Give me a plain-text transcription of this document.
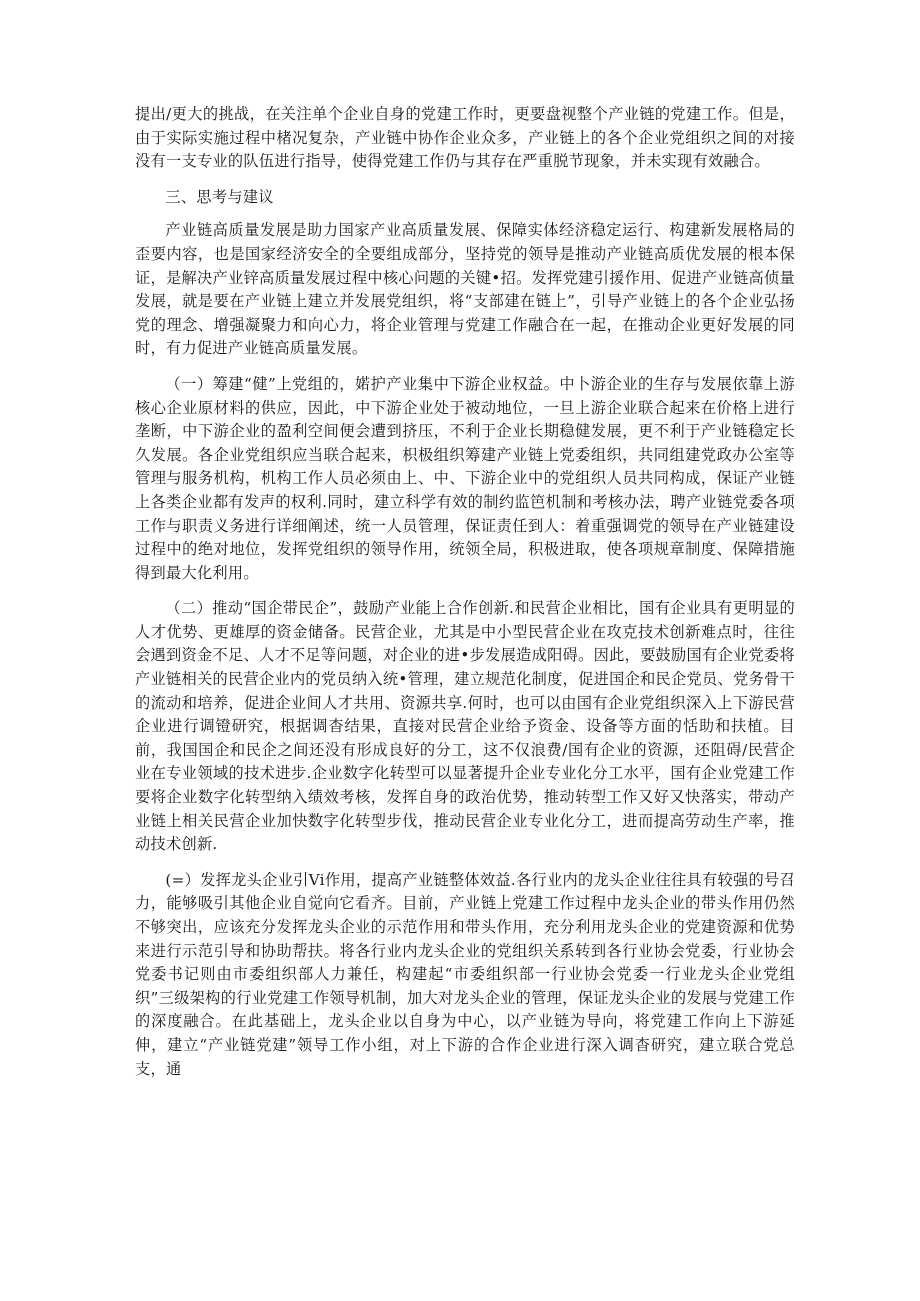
提出/更大的挑战，在关注单个企业自身的党建工作时，更要盘视整个产业链的党建工作。但是，由于实际实施过程中楮况复杂，产业链中协作企业众多，产业链上的各个企业党组织之间的对接没有一支专业的队伍进行指导，使得党建工作仍与其存在严重脱节现象，并未实现有效融合。

三、思考与建议

产业链高质量发展是助力国家产业高质量发展、保障实体经济稳定运行、构建新发展格局的歪要内容，也是国家经济安全的全要组成部分，坚持党的领导是推动产业链高质优发展的根本保证，是解决产业锌高质量发展过程中核心问题的关键•招。发挥党建引援作用、促进产业链高侦量发展，就是要在产业链上建立并发展党组织，将“支部建在链上”，引导产业链上的各个企业弘扬党的理念、增强凝聚力和向心力，将企业管理与党建工作融合在一起，在推动企业更好发展的同时，有力促进产业链高质量发展。

（一）筹建“健”上党组的，婼护产业集中下游企业权益。中卜游企业的生存与发展依靠上游核心企业原材料的供应，因此，中下游企业处于被动地位，一旦上游企业联合起来在价格上进行垄断，中下游企业的盈利空间便会遭到挤压，不利于企业长期稳健发展，更不利于产业链稳定长久发展。各企业党组织应当联合起来，枳极组织筹建产业链上党委组织，共同组建党政办公室等管理与服务机构，机构工作人员必须由上、中、下游企业中的党组织人员共同构成，保证产业链上各类企业都有发声的权利.同时，建立科学有效的制约监笆机制和考核办法，聘产业链党委各项工作与职责义务进行详细阐述，统一人员管理，保证责任到人：着重强调党的领导在产业链建设过程中的绝对地位，发挥党组织的领导作用，统领全局，积极进取，使各项规章制度、保障措施得到最大化利用。

（二）推动“国企带民企”，鼓励产业能上合作创新.和民营企业相比，国有企业具有更明显的人才优势、更雄厚的资金储备。民营企业，尤其是中小型民营企业在攻克技术创新难点时，往往会遇到资金不足、人才不足等问题，对企业的进•步发展造成阳碍。因此，要鼓励国有企业党委将产业链相关的民营企业内的党员纳入统•管理，建立规范化制度，促进国企和民企党员、党务骨干的流动和培养，促进企业间人才共用、资源共享.何时，也可以由国有企业党组织深入上下游民营企业进行调镫研究，根据调杳结果，直接对民营企业给予资金、设备等方面的恬助和扶植。目前，我国国企和民企之间还没有形成良好的分工，这不仅浪费/国有企业的资源，还阻碍/民营企业在专业领域的技术进步.企业数字化转型可以显著提升企业专业化分工水平，国有企业党建工作要将企业数字化转型纳入绩效考核，发挥自身的政治优势，推动转型工作又好又快落实，带动产业链上相关民营企业加快数字化转型步伐，推动民营企业专业化分工，进而提高劳动生产率，推动技术创新.

(=）发挥龙头企业引Vi作用，提高产业链整体效益.各行业内的龙头企业往往具有较强的号召力，能够吸引其他企业自觉向它看齐。目前，产业链上党建工作过程中龙头企业的带头作用仍然不够突出，应该充分发挥龙头企业的示范作用和带头作用，充分利用龙头企业的党建资源和优势来进行示范引导和协助帮扶。将各行业内龙头企业的党组织关系转到各行业协会党委，行业协会党委书记则由市委组织部人力兼任，构建起“市委组织部一行业协会党委一行业龙头企业党组织”三级架构的行业党建工作领导机制，加大对龙头企业的管理，保证龙头企业的发展与党建工作的深度融合。在此基础上，龙头企业以自身为中心，以产业链为导向，将党建工作向上下游延伸，建立“产业链党建”领导工作小组，对上下游的合作企业进行深入调杳研究，建立联合党总支，通
